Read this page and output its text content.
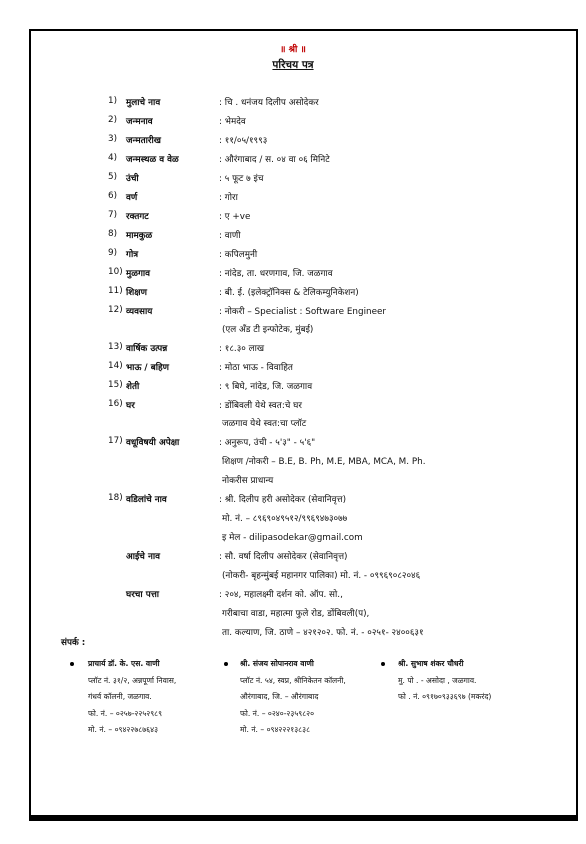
॥ श्री ॥
परिचय पत्र
1)	मुलाचे नाव	: चि . धनंजय दिलीप असोदेकर
2)	जन्मनाव	: भेमदेव
3)	जन्मतारीख	: ११/०५/१९९३
4)	जन्मस्थळ व वेळ	: औरंगाबाद / स. ०४ वा ०६ मिनिटे
5)	उंची	: ५ फूट ७ इंच
6)	वर्ण	: गोरा
7)	रक्तगट	: ए +ve
8)	मामकुळ	: वाणी
9)	गोत्र	: कपिलमुनी
10) मुळगाव	: नांदेड, ता. धरणगाव, जि. जळगाव
11) शिक्षण	: बी. ई. (इलेक्ट्रॉनिक्स & टेलिकम्युनिकेशन)
12) व्यवसाय	: नोकरी – Specialist : Software Engineer
(एल अँड टी इन्फोटेक, मुंबई)
13) वार्षिक उत्पन्न	: १८.३० लाख
14) भाऊ / बहिण	: मोठा भाऊ - विवाहित
15) शेती	: ९ बिघे, नांदेड, जि. जळगाव
16) घर	: डोंबिवली येथे स्वत:चे घर
जळगाव येथे स्वत:चा प्लॉट
17) वधूविषयी अपेक्षा	: अनुरूप, उंची - ५'३" - ५'६"
शिक्षण /नोकरी – B.E, B. Ph, M.E, MBA, MCA, M. Ph.
नोकरीस प्राधान्य
18) वडिलांचे नाव	: श्री. दिलीप हरी असोदेकर (सेवानिवृत्त)
मो. नं. – ८९६९०४९५१२/९९६९४७३०७७
इ मेल - dilipasodekar@gmail.com
आईचे नाव	: सौ. वर्षा दिलीप असोदेकर (सेवानिवृत्त)
(नोकरी- बृहन्मुंबई महानगर पालिका) मो. नं. - ०९९६९०८२०४६
घरचा पत्ता	: २०४, महालक्ष्मी दर्शन को. ऑप. सो.,
गरीबाचा वाडा, महात्मा फुले रोड, डोंबिवली(प),
ता. कल्याण, जि. ठाणे – ४२१२०२. फो. नं. - ०२५१- २४००६३१
संपर्क :
प्राचार्य डॉ. के. एस. वाणी
प्लॉट नं. ३१/२, अन्नपूर्णा निवास,
गंधर्व कॉलनी, जळगाव.
फो. नं. – ०२५७-२२५२९८९
मो. नं. – ०९४२२७८७६४३
श्री. संजय सोपानराव वाणी
प्लॉट नं. ५४, स्वप्न, श्रीनिकेतन कॉलनी,
औरंगाबाद, जि. – औरंगाबाद
फो. नं. – ०२४०-२३५९८२०
मो. नं. – ०९४२२२१३८३८
श्री. सुभाष शंकर चौधरी
मु. पो . - असोदा , जळगाव.
फो . नं. ०९१७०९३३६९७ (मकरंद)
